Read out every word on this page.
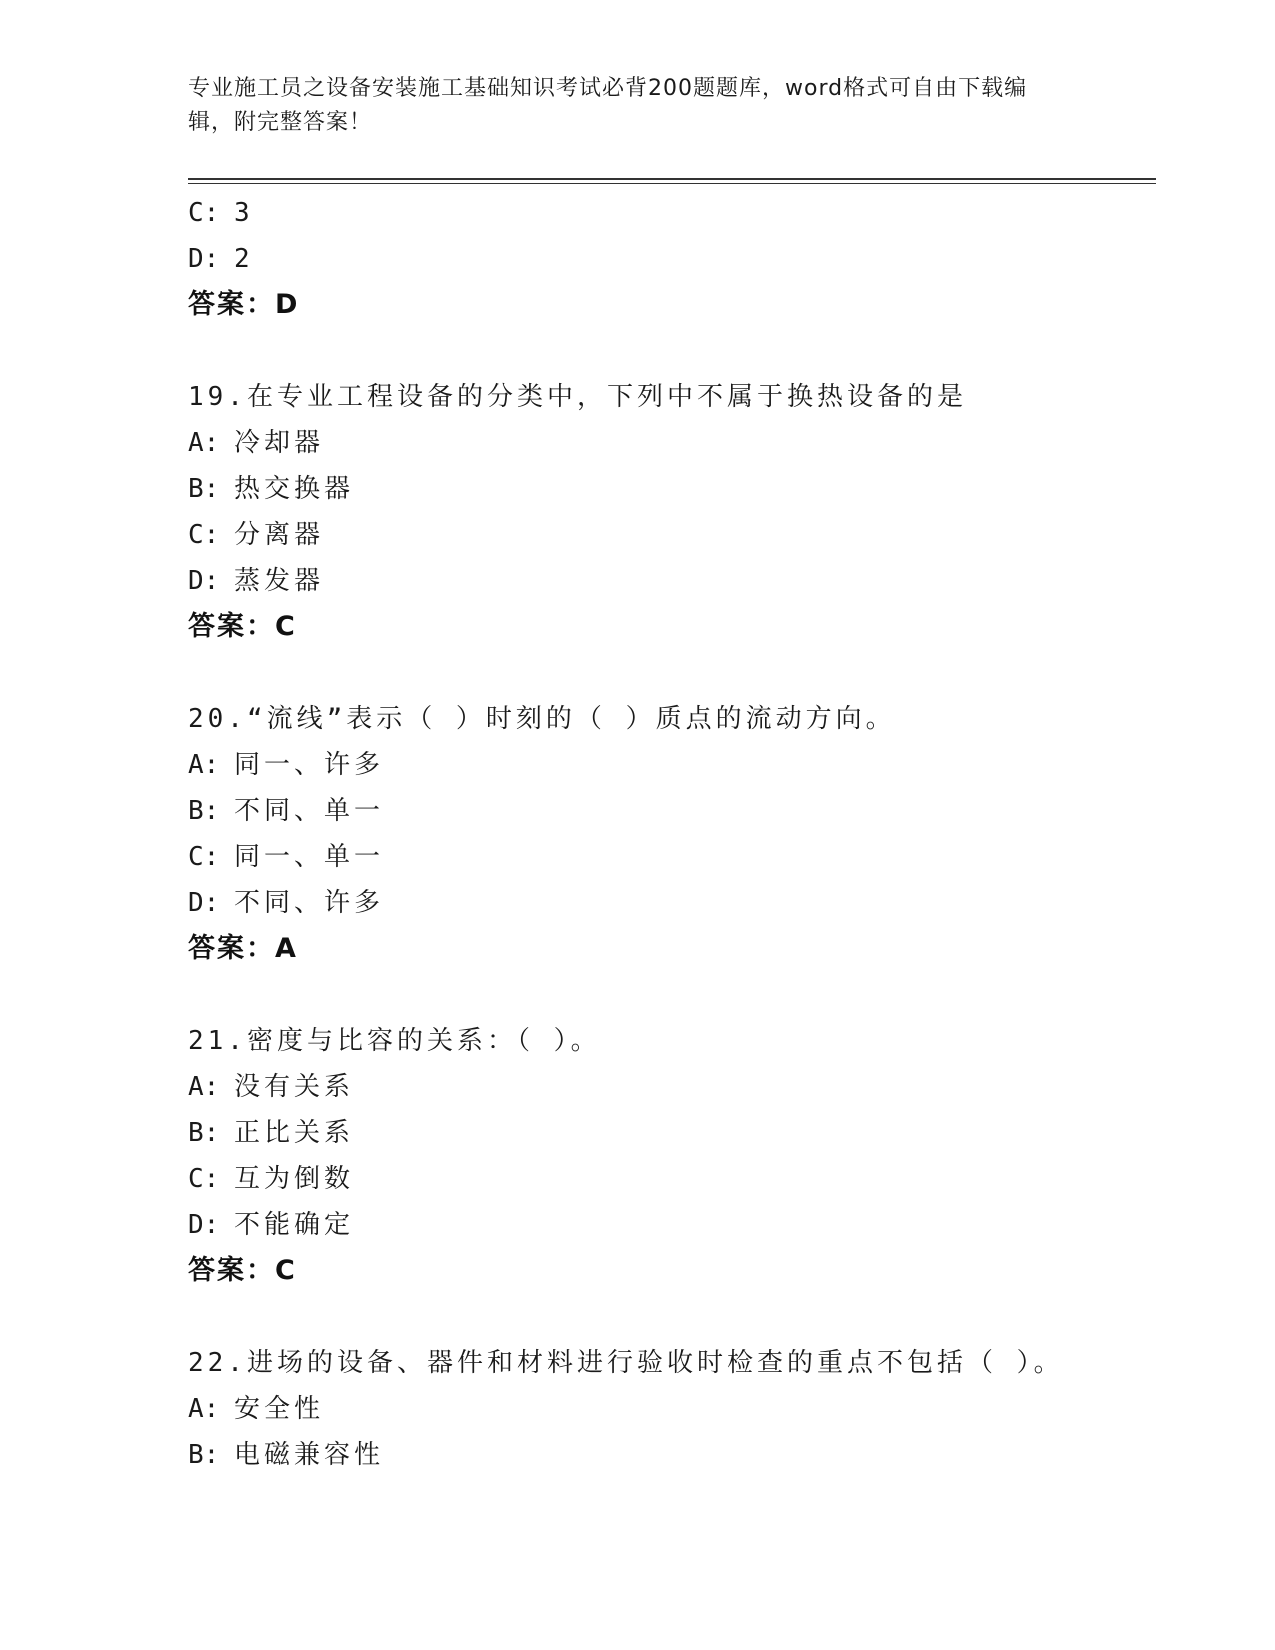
专业施工员之设备安装施工基础知识考试必背200题题库，word格式可自由下载编辑，附完整答案！
C: 3
D: 2
答案：D
19.在专业工程设备的分类中，下列中不属于换热设备的是
A: 冷却器
B: 热交换器
C: 分离器
D: 蒸发器
答案：C
20.“流线”表示（ ）时刻的（ ）质点的流动方向。
A: 同一、许多
B: 不同、单一
C: 同一、单一
D: 不同、许多
答案：A
21.密度与比容的关系：（ ）。
A: 没有关系
B: 正比关系
C: 互为倒数
D: 不能确定
答案：C
22.进场的设备、器件和材料进行验收时检查的重点不包括（ ）。
A: 安全性
B: 电磁兼容性
